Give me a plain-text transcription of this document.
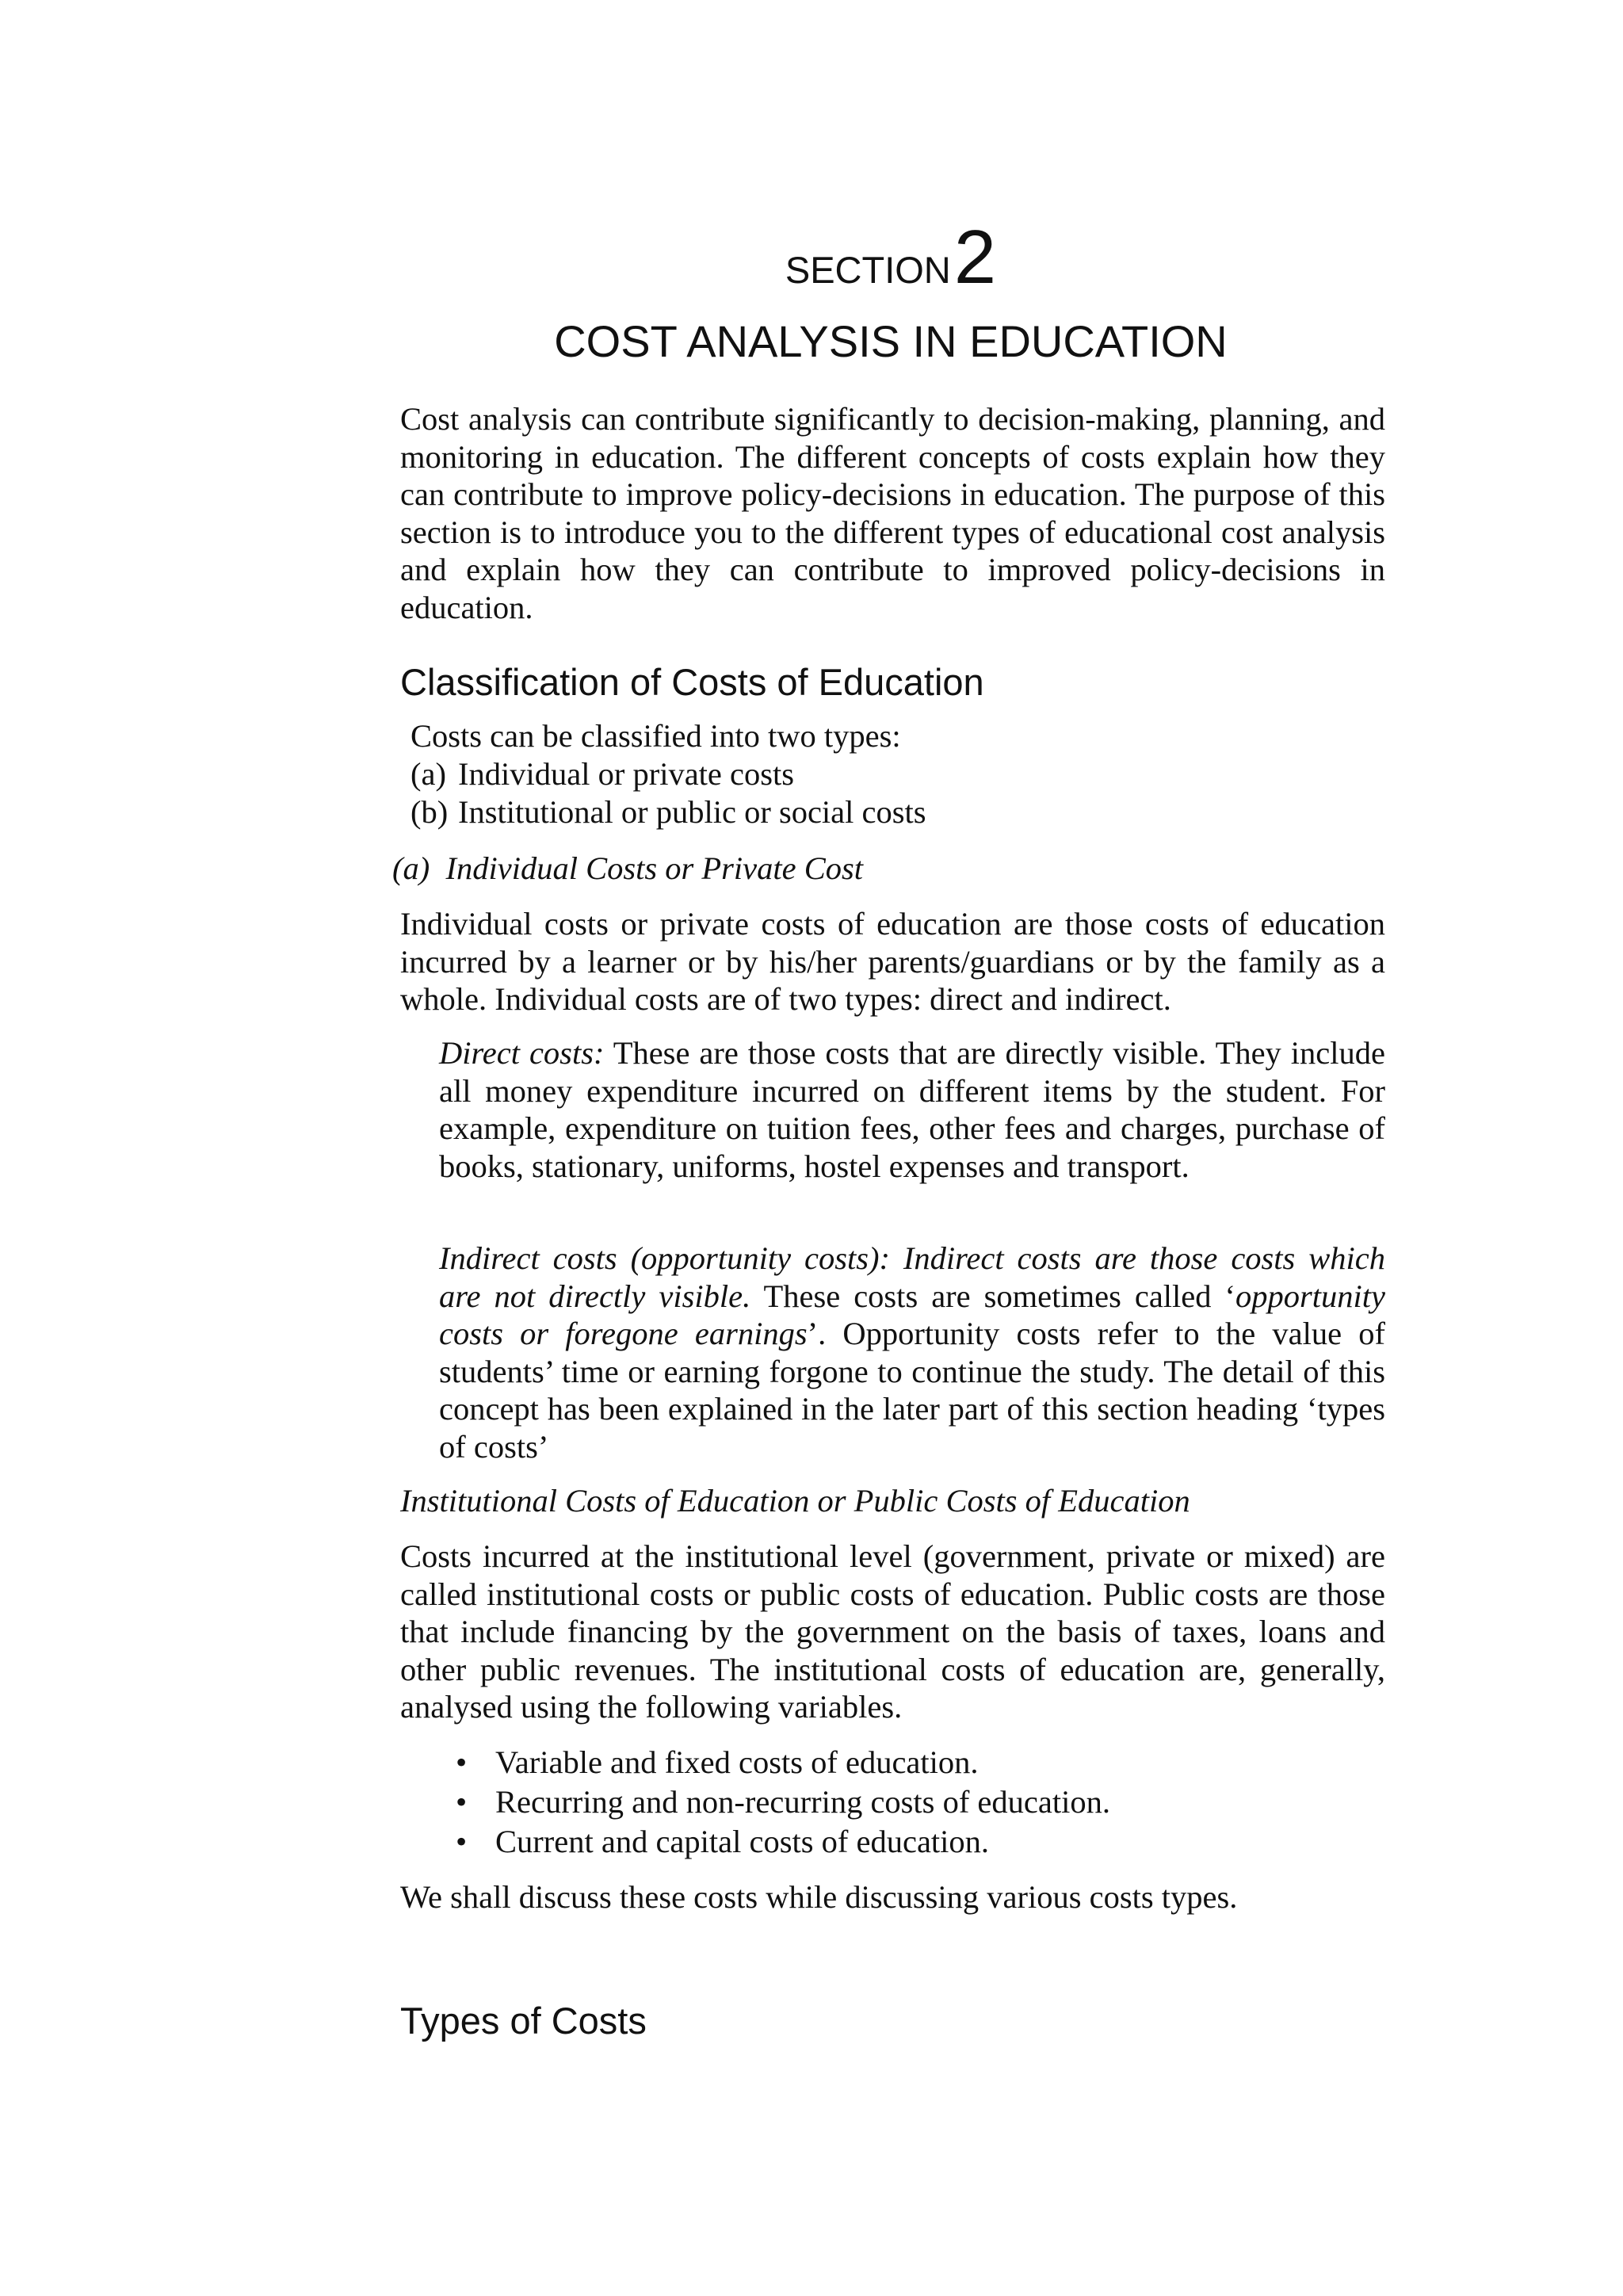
SECTION 2
COST ANALYSIS IN EDUCATION

Cost analysis can contribute significantly to decision-making, planning, and monitoring in education. The different concepts of costs explain how they can contribute to improve policy-decisions in education. The purpose of this section is to introduce you to the different types of educational cost analysis and explain how they can contribute to improved policy-decisions in education.

Classification of Costs of Education
Costs can be classified into two types:
(a) Individual or private costs
(b) Institutional or public or social costs
(a)  Individual Costs or Private Cost

Individual costs or private costs of education are those costs of education incurred by a learner or by his/her parents/guardians or by the family as a whole. Individual costs are of two types: direct and indirect.

Direct costs: These are those costs that are directly visible. They include all money expenditure incurred on different items by the student. For example, expenditure on tuition fees, other fees and charges, purchase of books, stationary, uniforms, hostel expenses and transport.

Indirect costs (opportunity costs): Indirect costs are those costs which are not directly visible. These costs are sometimes called ‘opportunity costs or foregone earnings’. Opportunity costs refer to the value of students’ time or earning forgone to continue the study. The detail of this concept has been explained in the later part of this section heading ‘types of costs’

Institutional Costs of Education or Public Costs of Education

Costs incurred at the institutional level (government, private or mixed) are called institutional costs or public costs of education. Public costs are those that include financing by the government on the basis of taxes, loans and other public revenues. The institutional costs of education are, generally, analysed using the following variables.

• Variable and fixed costs of education.
• Recurring and non-recurring costs of education.
• Current and capital costs of education.
We shall discuss these costs while discussing various costs types.
Types of Costs
